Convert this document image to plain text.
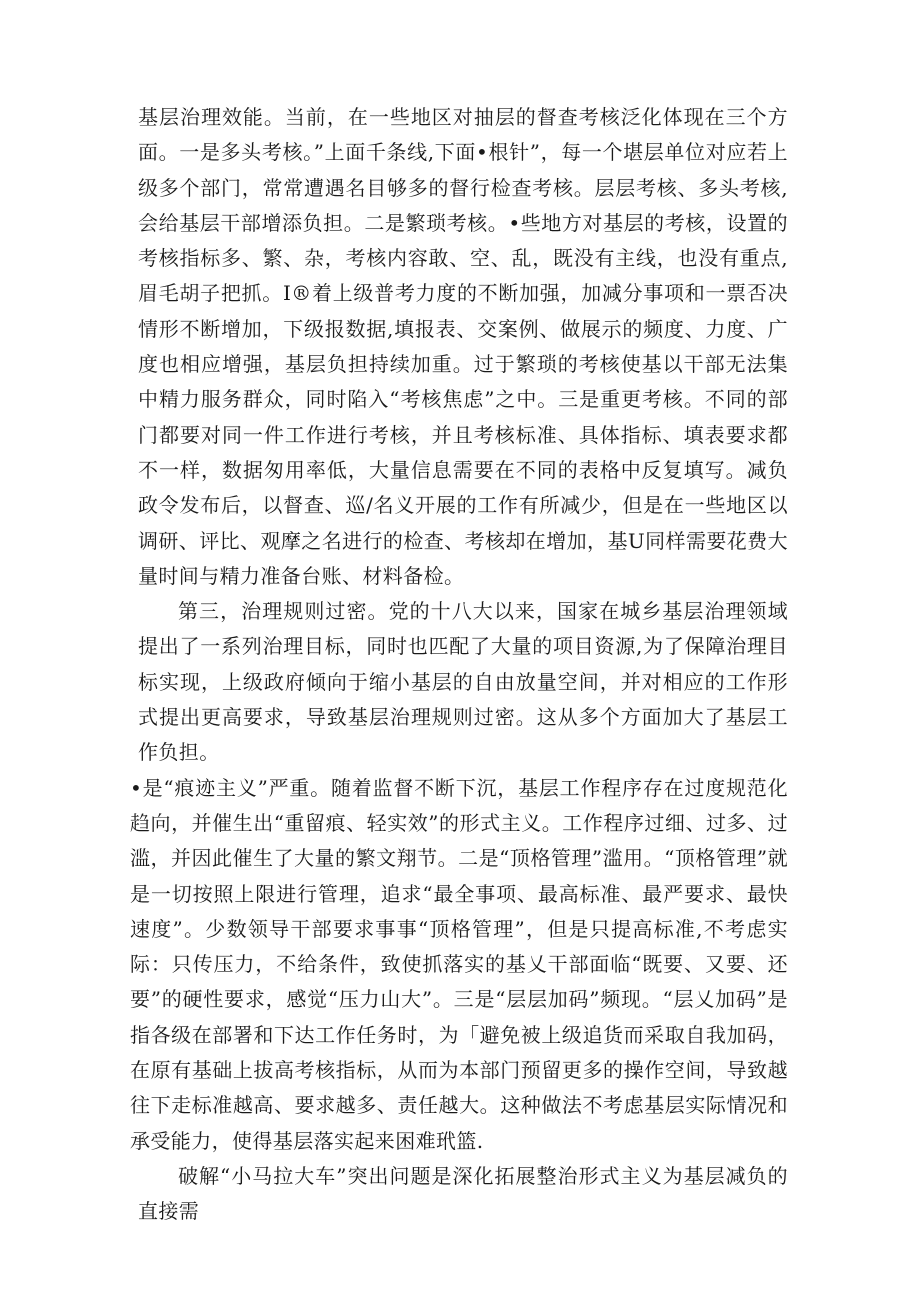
基层治理效能。当前，在一些地区对抽层的督查考核泛化体现在三个方面。一是多头考核。”上面千条线,下面•根针”，每一个堪层单位对应若上级多个部门，常常遭遇名目够多的督行检查考核。层层考核、多头考核,会给基层干部增添负担。二是繁琐考核。•些地方对基层的考核，设置的考核指标多、繁、杂，考核内容敢、空、乱，既没有主线，也没有重点,眉毛胡子把抓。I®着上级普考力度的不断加强，加减分事项和一票否决情形不断增加，下级报数据,填报表、交案例、做展示的频度、力度、广度也相应增强，基层负担持续加重。过于繁琐的考核使基以干部无法集中精力服务群众，同时陷入“考核焦虑”之中。三是重更考核。不同的部门都要对同一件工作进行考核，并且考核标准、具体指标、填表要求都不一样，数据匆用率低，大量信息需要在不同的表格中反复填写。减负政令发布后，以督查、巡/名义开展的工作有所减少，但是在一些地区以调研、评比、观摩之名进行的检查、考核却在增加，基U同样需要花费大量时间与精力准备台账、材料备检。

第三，治理规则过密。党的十八大以来，国家在城乡基层治理领域提出了一系列治理目标，同时也匹配了大量的项目资源,为了保障治理目标实现，上级政府倾向于缩小基层的自由放量空间，并对相应的工作形式提出更高要求，导致基层治理规则过密。这从多个方面加大了基层工作负担。

•是“痕迹主义”严重。随着监督不断下沉，基层工作程序存在过度规范化趋向，并催生出“重留痕、轻实效”的形式主义。工作程序过细、过多、过滥，并因此催生了大量的繁文翔节。二是“顶格管理”滥用。“顶格管理”就是一切按照上限进行管理，追求“最全事项、最高标准、最严要求、最快速度”。少数领导干部要求事事“顶格管理”，但是只提高标准,不考虑实际：只传压力，不给条件，致使抓落实的基乂干部面临“既要、又要、还要”的硬性要求，感觉“压力山大”。三是“层层加码”频现。“层乂加码”是指各级在部署和下达工作任务时，为「避免被上级追货而采取自我加码，在原有基础上拔高考核指标，从而为本部门预留更多的操作空间，导致越往下走标准越高、要求越多、责任越大。这种做法不考虑基层实际情况和承受能力，使得基层落实起来困难玳篮.

破解“小马拉大车”突出问题是深化拓展整治形式主义为基层减负的直接需
